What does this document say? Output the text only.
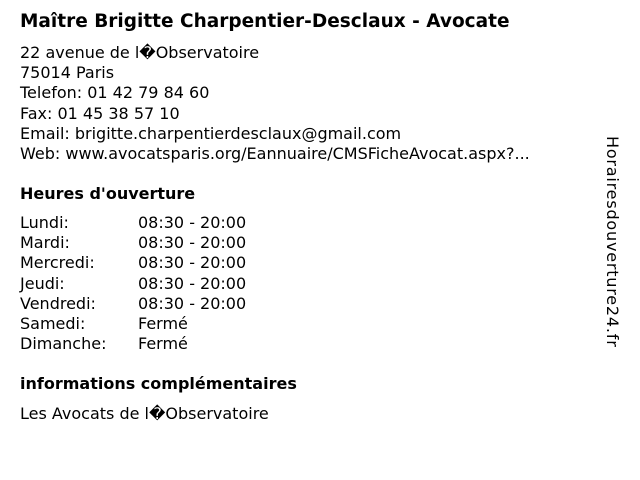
Maître Brigitte Charpentier-Desclaux - Avocate
22 avenue de l�Observatoire
75014 Paris
Telefon: 01 42 79 84 60
Fax: 01 45 38 57 10
Email: brigitte.charpentierdesclaux@gmail.com
Web: www.avocatsparis.org/Eannuaire/CMSFicheAvocat.aspx?...
Heures d'ouverture
Lundi:	08:30 - 20:00
Mardi:	08:30 - 20:00
Mercredi:	08:30 - 20:00
Jeudi:	08:30 - 20:00
Vendredi:	08:30 - 20:00
Samedi:	Fermé
Dimanche:	Fermé
informations complémentaires
Les Avocats de l�Observatoire
Horairesdouverture24.fr
